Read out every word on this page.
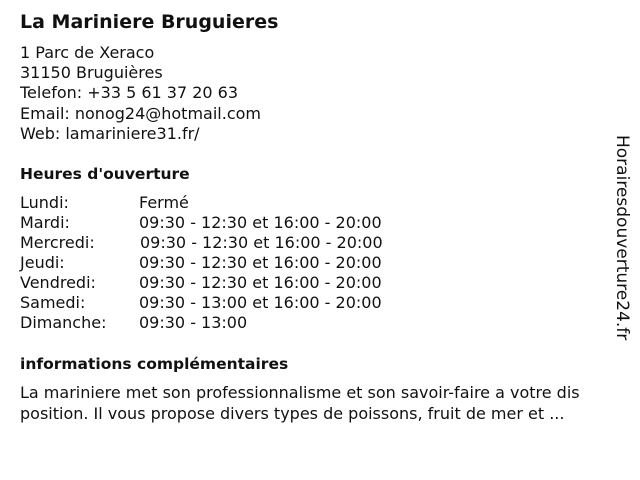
La Mariniere Bruguieres
1 Parc de Xeraco
31150 Bruguières
Telefon: +33 5 61 37 20 63
Email: nonog24@hotmail.com
Web: lamariniere31.fr/
Heures d'ouverture
Lundi:	Fermé
Mardi:	09:30 - 12:30 et 16:00 - 20:00
Mercredi:	09:30 - 12:30 et 16:00 - 20:00
Jeudi:	09:30 - 12:30 et 16:00 - 20:00
Vendredi:	09:30 - 12:30 et 16:00 - 20:00
Samedi:	09:30 - 13:00 et 16:00 - 20:00
Dimanche: 09:30 - 13:00
informations complémentaires
La mariniere met son professionnalisme et son savoir-faire a votre dis
position. Il vous propose divers types de poissons, fruit de mer et ...
Horairesdouverture24.fr
